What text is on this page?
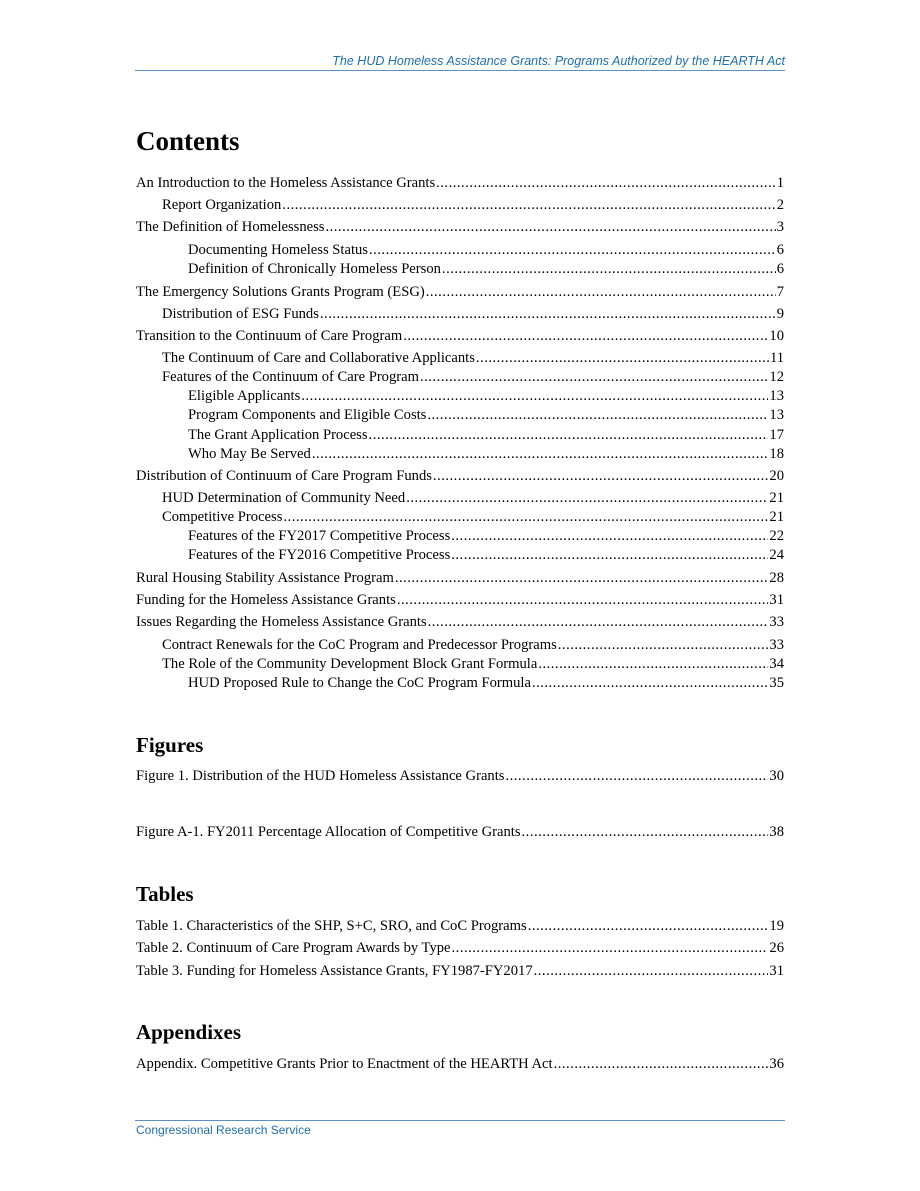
The HUD Homeless Assistance Grants: Programs Authorized by the HEARTH Act
Contents
An Introduction to the Homeless Assistance Grants .....	1
Report Organization .....	2
The Definition of Homelessness .....	3
Documenting Homeless Status .....	6
Definition of Chronically Homeless Person .....	6
The Emergency Solutions Grants Program (ESG) .....	7
Distribution of ESG Funds .....	9
Transition to the Continuum of Care Program .....	10
The Continuum of Care and Collaborative Applicants .....	11
Features of the Continuum of Care Program .....	12
Eligible Applicants .....	13
Program Components and Eligible Costs .....	13
The Grant Application Process .....	17
Who May Be Served .....	18
Distribution of Continuum of Care Program Funds .....	20
HUD Determination of Community Need .....	21
Competitive Process .....	21
Features of the FY2017 Competitive Process .....	22
Features of the FY2016 Competitive Process .....	24
Rural Housing Stability Assistance Program .....	28
Funding for the Homeless Assistance Grants .....	31
Issues Regarding the Homeless Assistance Grants .....	33
Contract Renewals for the CoC Program and Predecessor Programs .....	33
The Role of the Community Development Block Grant Formula .....	34
HUD Proposed Rule to Change the CoC Program Formula .....	35
Figures
Figure 1. Distribution of the HUD Homeless Assistance Grants .....	30
Figure A-1. FY2011 Percentage Allocation of Competitive Grants .....	38
Tables
Table 1. Characteristics of the SHP, S+C, SRO, and CoC Programs .....	19
Table 2. Continuum of Care Program Awards by Type .....	26
Table 3. Funding for Homeless Assistance Grants, FY1987-FY2017 .....	31
Appendixes
Appendix. Competitive Grants Prior to Enactment of the HEARTH Act .....	36
Congressional Research Service
